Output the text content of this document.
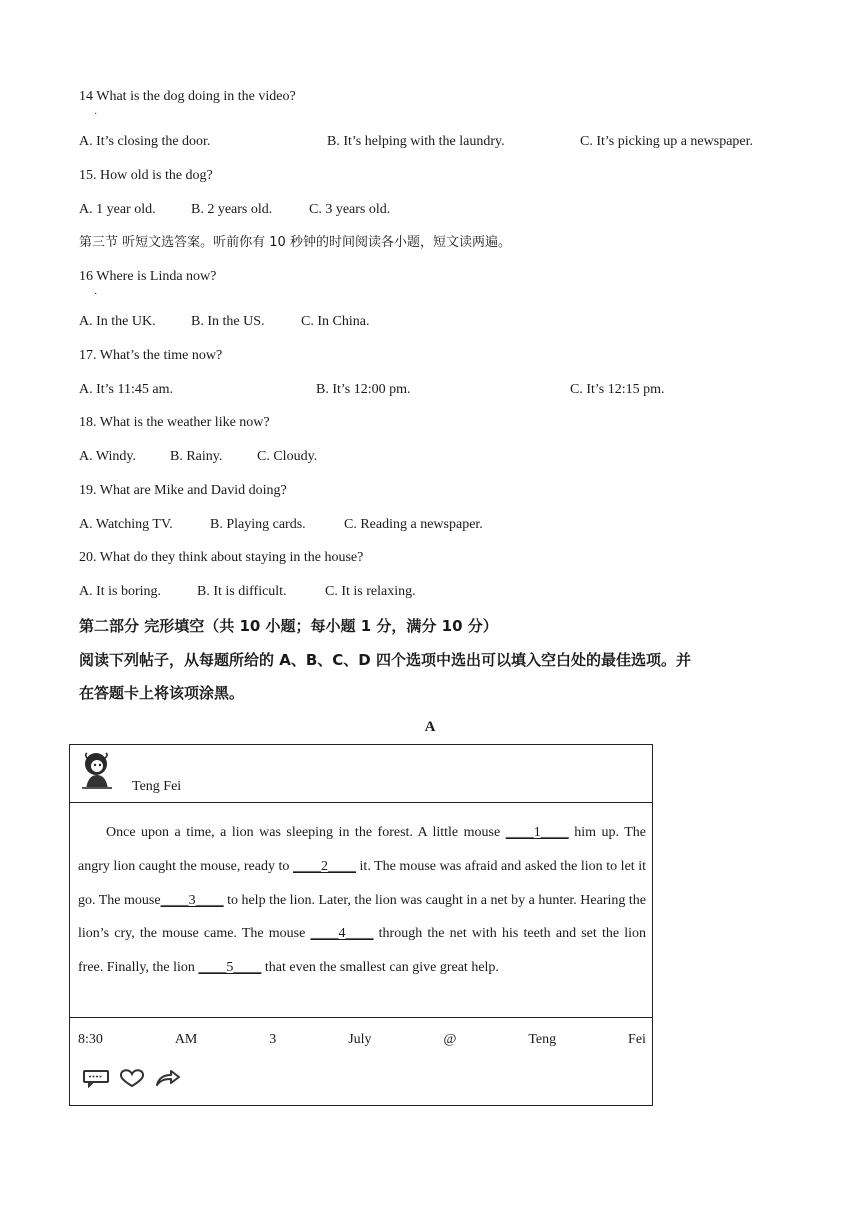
14 What is the dog doing in the video?
·
A. It’s closing the door.	B. It’s helping with the laundry.	C. It’s picking up a newspaper.
15. How old is the dog?
A. 1 year old.	B. 2 years old.	C. 3 years old.
第三节 听短文选答案。听前你有 10 秒钟的时间阅读各小题，短文读两遍。
16 Where is Linda now?
·
A. In the UK.	B. In the US.	C. In China.
17. What’s the time now?
A. It’s 11:45 am.	B. It’s 12:00 pm.	C. It’s 12:15 pm.
18. What is the weather like now?
A. Windy. B. Rainy. C. Cloudy.
19. What are Mike and David doing?
A. Watching TV.	B. Playing cards.	C. Reading a newspaper.
20. What do they think about staying in the house?
A. It is boring.	B. It is difficult.	C. It is relaxing.
第二部分 完形填空（共 10 小题；每小题 1 分，满分 10 分）
阅读下列帖子，从每题所给的 A、B、C、D 四个选项中选出可以填入空白处的最佳选项。并
在答题卡上将该项涂黑。
A
Teng Fei
Once upon a time, a lion was sleeping in the forest. A little mouse ____1____ him up. The angry lion caught the mouse, ready to ____2____ it. The mouse was afraid and asked the lion to let it go. The mouse____3____ to help the lion. Later, the lion was caught in a net by a hunter. Hearing the lion’s cry, the mouse came. The mouse ____4____ through the net with his teeth and set the lion free. Finally, the lion ____5____ that even the smallest can give great help.
8:30	AM	3	July	@	Teng	Fei
